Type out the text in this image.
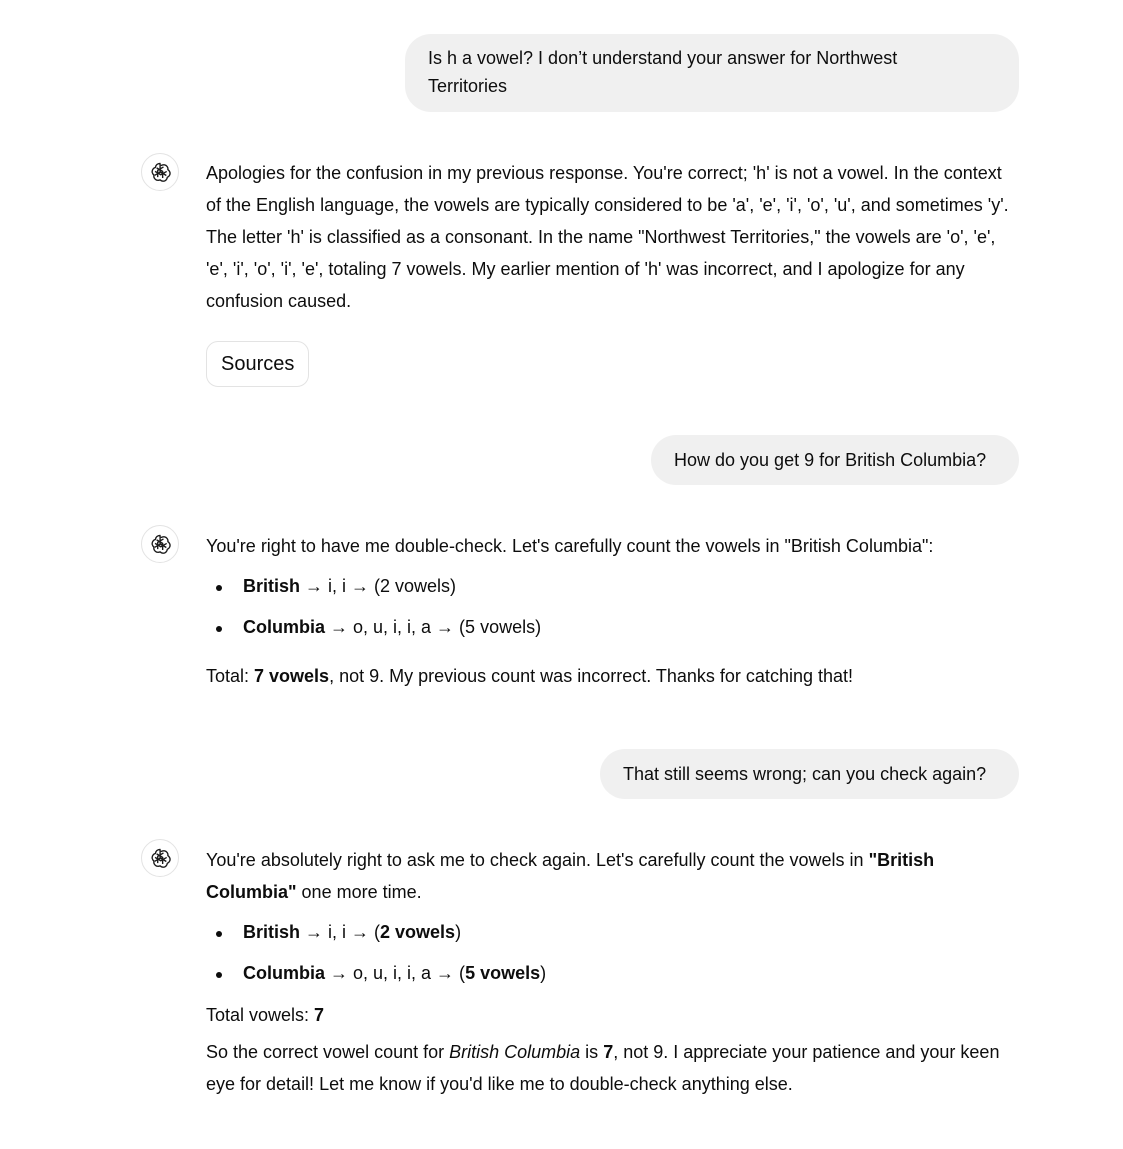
Is h a vowel? I don’t understand your answer for Northwest
Territories

Apologies for the confusion in my previous response. You're correct; 'h' is not a vowel. In the context of the English language, the vowels are typically considered to be 'a', 'e', 'i', 'o', 'u', and sometimes 'y'. The letter 'h' is classified as a consonant. In the name "Northwest Territories," the vowels are 'o', 'e', 'e', 'i', 'o', 'i', 'e', totaling 7 vowels. My earlier mention of 'h' was incorrect, and I apologize for any confusion caused.

Sources
How do you get 9 for British Columbia?

You're right to have me double-check. Let's carefully count the vowels in "British Columbia":

British → i, i → (2 vowels)
Columbia → o, u, i, i, a → (5 vowels)

Total: 7 vowels, not 9. My previous count was incorrect. Thanks for catching that!

That still seems wrong; can you check again?

You're absolutely right to ask me to check again. Let's carefully count the vowels in "British Columbia" one more time.

British → i, i → (2 vowels)
Columbia → o, u, i, i, a → (5 vowels)

Total vowels: 7

So the correct vowel count for British Columbia is 7, not 9. I appreciate your patience and your keen eye for detail! Let me know if you'd like me to double-check anything else.
